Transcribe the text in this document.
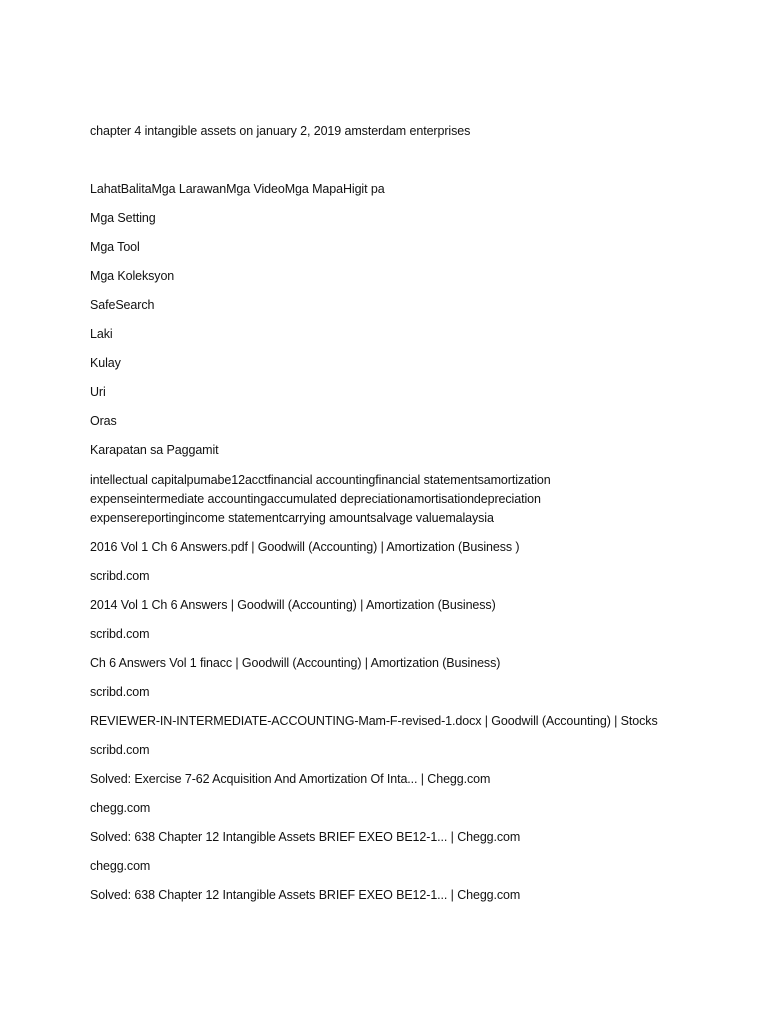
chapter 4 intangible assets on january 2, 2019 amsterdam enterprises
LahatBalitaMga LarawanMga VideoMga MapaHigit pa
Mga Setting
Mga Tool
Mga Koleksyon
SafeSearch
Laki
Kulay
Uri
Oras
Karapatan sa Paggamit
intellectual capitalpumabe12acctfinancial accountingfinancial statementsamortization expenseintermediate accountingaccumulated depreciationamortisationdepreciation expensereportingincome statementcarrying amountsalvage valuemalaysia
2016 Vol 1 Ch 6 Answers.pdf | Goodwill (Accounting) | Amortization (Business )
scribd.com
2014 Vol 1 Ch 6 Answers | Goodwill (Accounting) | Amortization (Business)
scribd.com
Ch 6 Answers Vol 1 finacc | Goodwill (Accounting) | Amortization (Business)
scribd.com
REVIEWER-IN-INTERMEDIATE-ACCOUNTING-Mam-F-revised-1.docx | Goodwill (Accounting) | Stocks
scribd.com
Solved: Exercise 7-62 Acquisition And Amortization Of Inta... | Chegg.com
chegg.com
Solved: 638 Chapter 12 Intangible Assets BRIEF EXEO BE12-1... | Chegg.com
chegg.com
Solved: 638 Chapter 12 Intangible Assets BRIEF EXEO BE12-1... | Chegg.com
